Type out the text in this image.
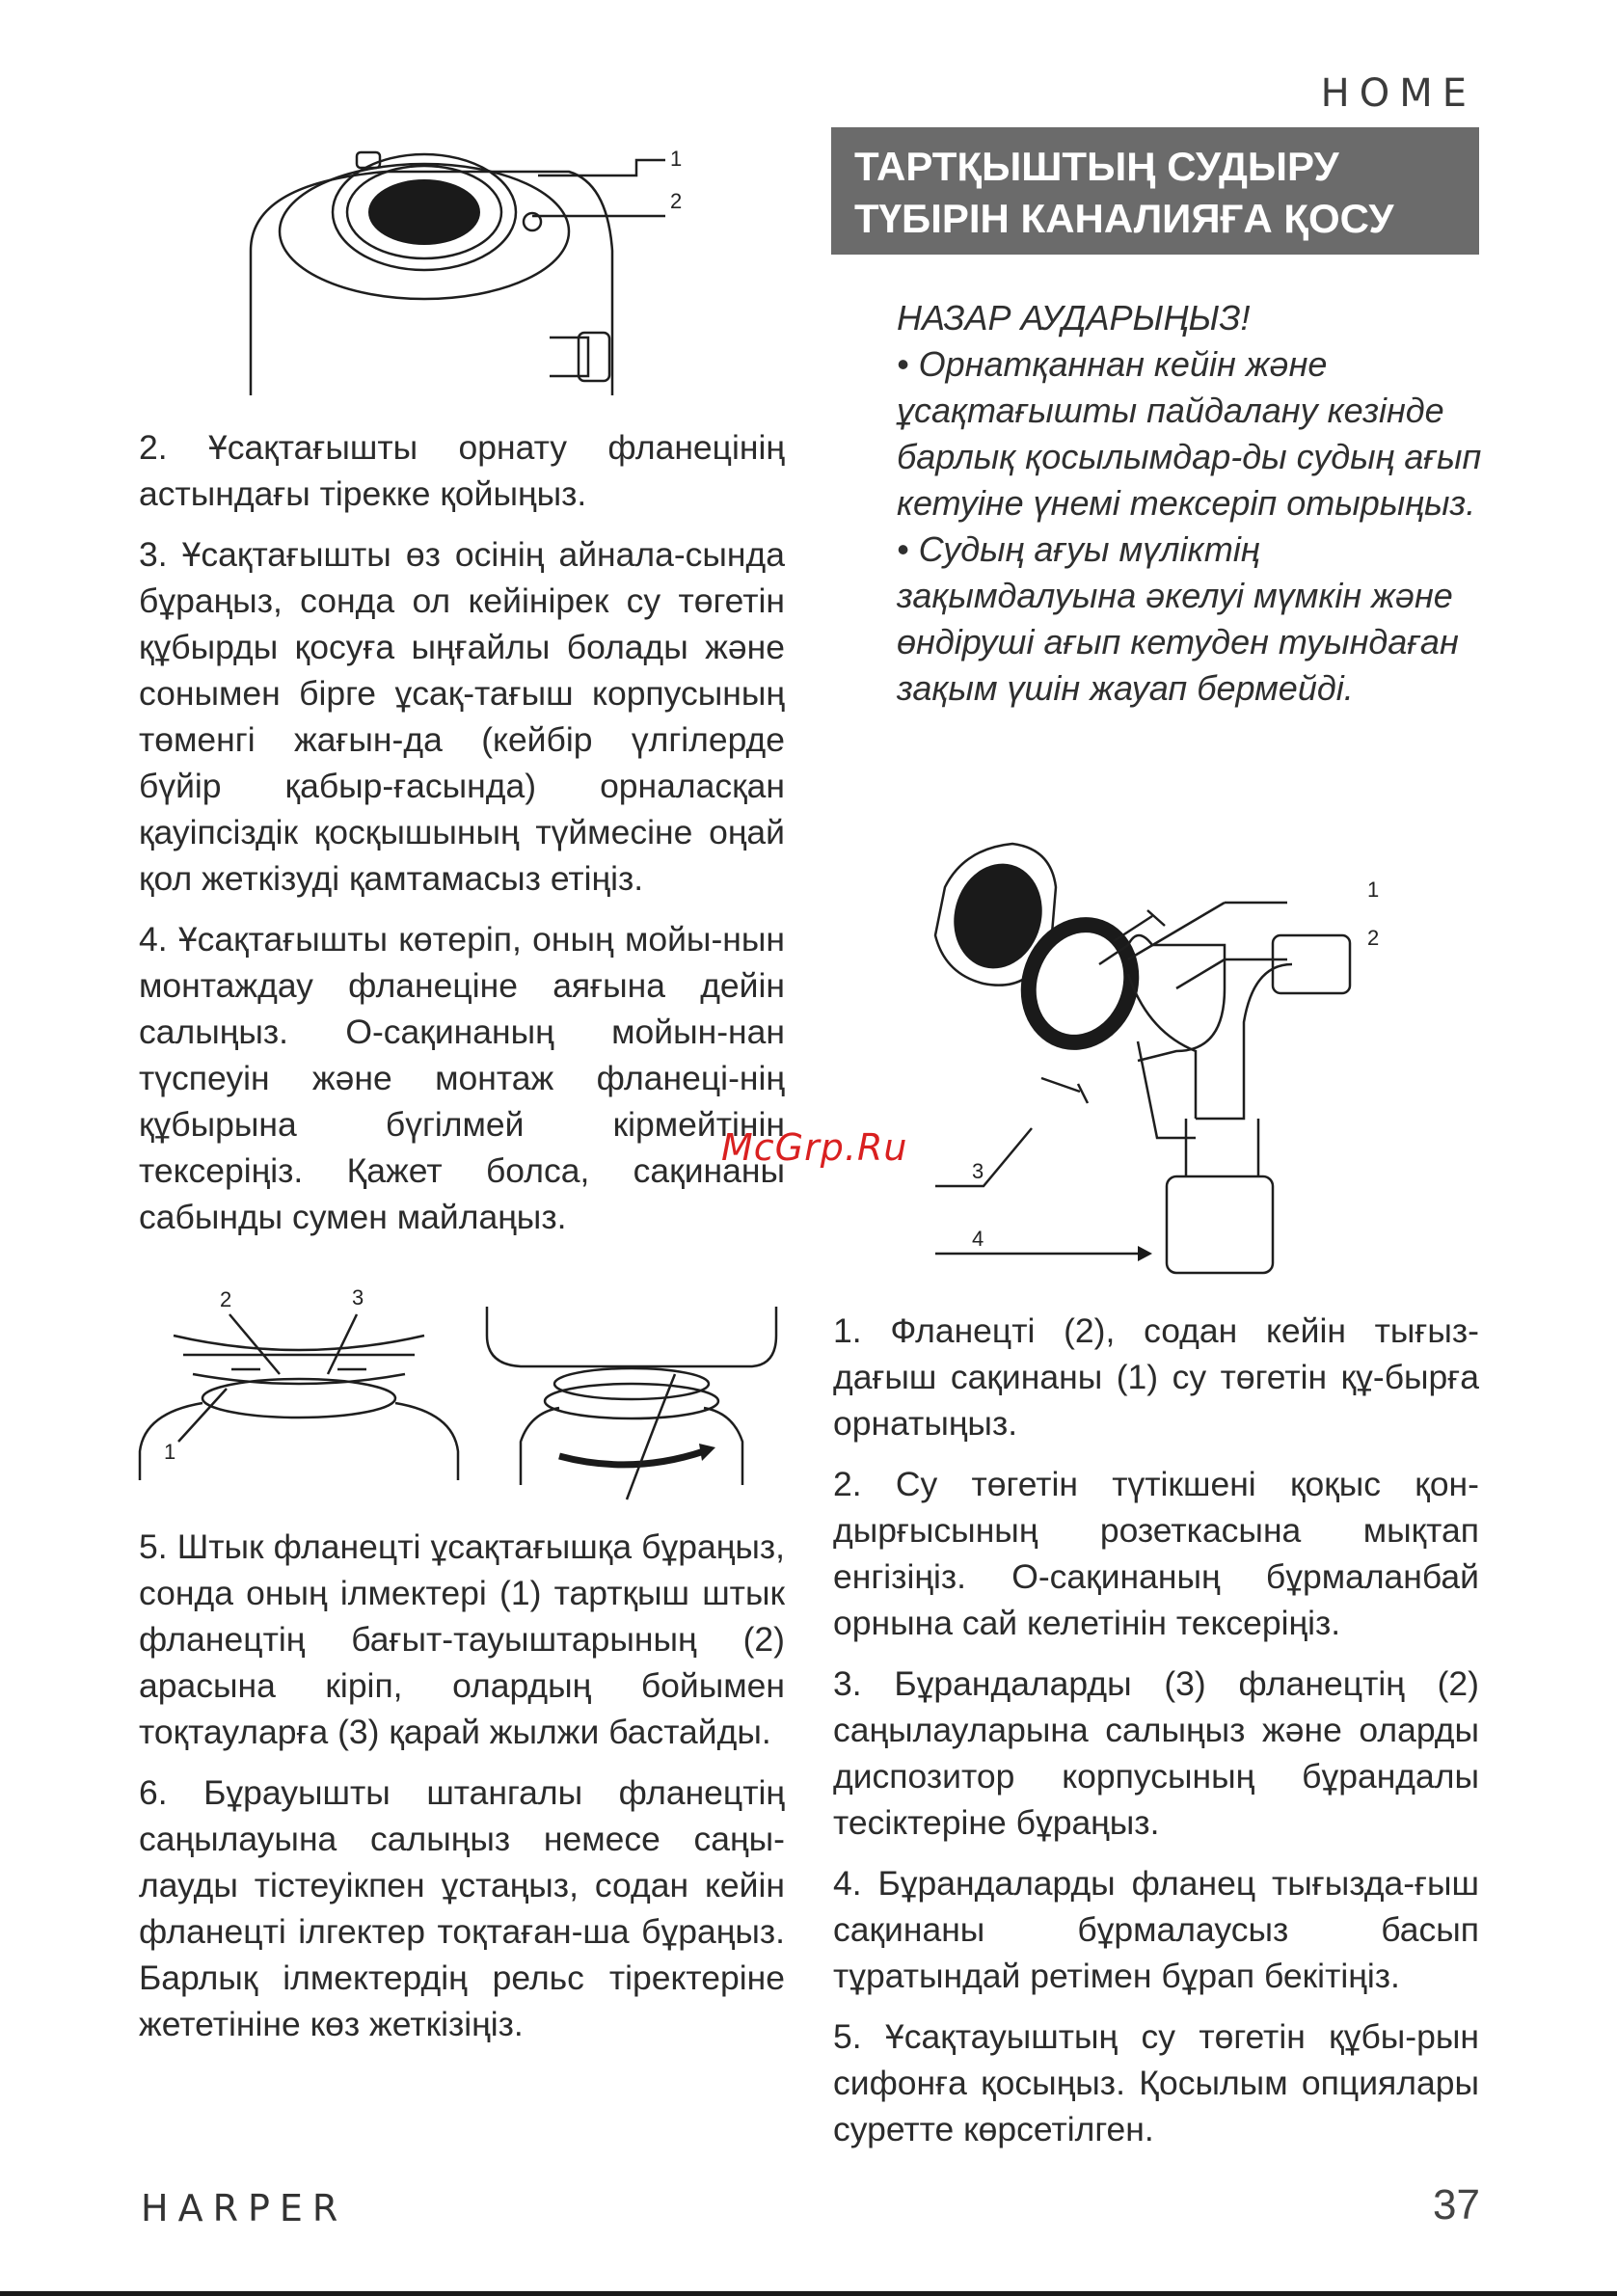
HOME
ТАРТҚЫШТЫҢ СУДЫРУ ТҮБІРІН КАНАЛИЯҒА ҚОСУ
НАЗАР АУДАРЫҢЫЗ!
• Орнатқаннан кейін және ұсақтағышты пайдалану кезінде барлық қосылымдар-ды судың ағып кетуіне үнемі тексеріп отырыңыз.
• Судың ағуы мүліктің зақымдалуына әкелуі мүмкін және өндіруші ағып кетуден туындаған зақым үшін жауап бермейді.
1
2

2. Ұсақтағышты орнату фланецінің астындағы тірекке қойыңыз.

3. Ұсақтағышты өз осінің айнала-сында бұраңыз, сонда ол кейінірек су төгетін құбырды қосуға ыңғайлы болады және сонымен бірге ұсақ-тағыш корпусының төменгі жағын-да (кейбір үлгілерде бүйір қабыр-ғасында) орналасқан қауіпсіздік қосқышының түймесіне оңай қол жеткізуді қамтамасыз етіңіз.

4. Ұсақтағышты көтеріп, оның мойы-нын монтаждау фланеціне аяғына дейін салыңыз. О-сақинаның мойын-нан түспеуін және монтаж фланеці-нің құбырына бүгілмей кірмейтінін тексеріңіз. Қажет болса, сақинаны сабынды сумен майлаңыз.

2	3
1

5. Штык фланецті ұсақтағышқа бұраңыз, сонда оның ілмектері (1) тартқыш штык фланецтің бағыт-тауыштарының (2) арасына кіріп, олардың бойымен тоқтауларға (3) қарай жылжи бастайды.

6. Бұрауышты штангалы фланецтің саңылауына салыңыз немесе саңы-лауды тістеуікпен ұстаңыз, содан кейін фланецті ілгектер тоқтаған-ша бұраңыз. Барлық ілмектердің рельс тіректеріне жететініне көз жеткізіңіз.

1
2
3
4

1. Фланецті (2), содан кейін тығыз-дағыш сақинаны (1) су төгетін құ-бырға орнатыңыз.

2. Су төгетін түтікшені қоқыс қон-дырғысының розеткасына мықтап енгізіңіз. О-сақинаның бұрмаланбай орнына сай келетінін тексеріңіз.

3. Бұрандаларды (3) фланецтің (2) саңылауларына салыңыз және оларды диспозитор корпусының бұрандалы тесіктеріне бұраңыз.

4. Бұрандаларды фланец тығызда-ғыш сақинаны бұрмалаусыз басып тұратындай ретімен бұрап бекітіңіз.

5. Ұсақтауыштың су төгетін құбы-рын сифонға қосыңыз. Қосылым опциялары суретте көрсетілген.

McGrp.Ru
HARPER	37
